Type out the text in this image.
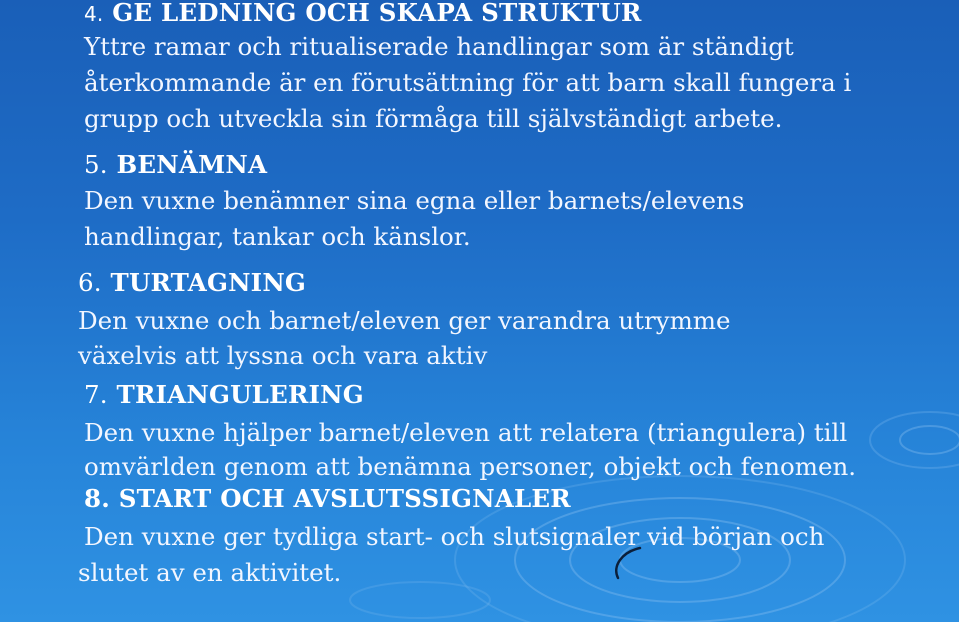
4. GE LEDNING OCH SKAPA STRUKTUR
Yttre ramar och ritualiserade handlingar som är ständigt
återkommande är en förutsättning för att barn skall fungera i
grupp och utveckla sin förmåga till självständigt arbete.
5. BENÄMNA
Den vuxne benämner sina egna eller barnets/elevens
handlingar, tankar och känslor.
6. TURTAGNING
Den vuxne och barnet/eleven ger varandra utrymme
växelvis att lyssna och vara aktiv
7. TRIANGULERING
Den vuxne hjälper barnet/eleven att relatera (triangulera) till
omvärlden genom att benämna personer, objekt och fenomen.
8. START OCH AVSLUTSSIGNALER
Den vuxne ger tydliga start- och slutsignaler vid början och
slutet av en aktivitet.
